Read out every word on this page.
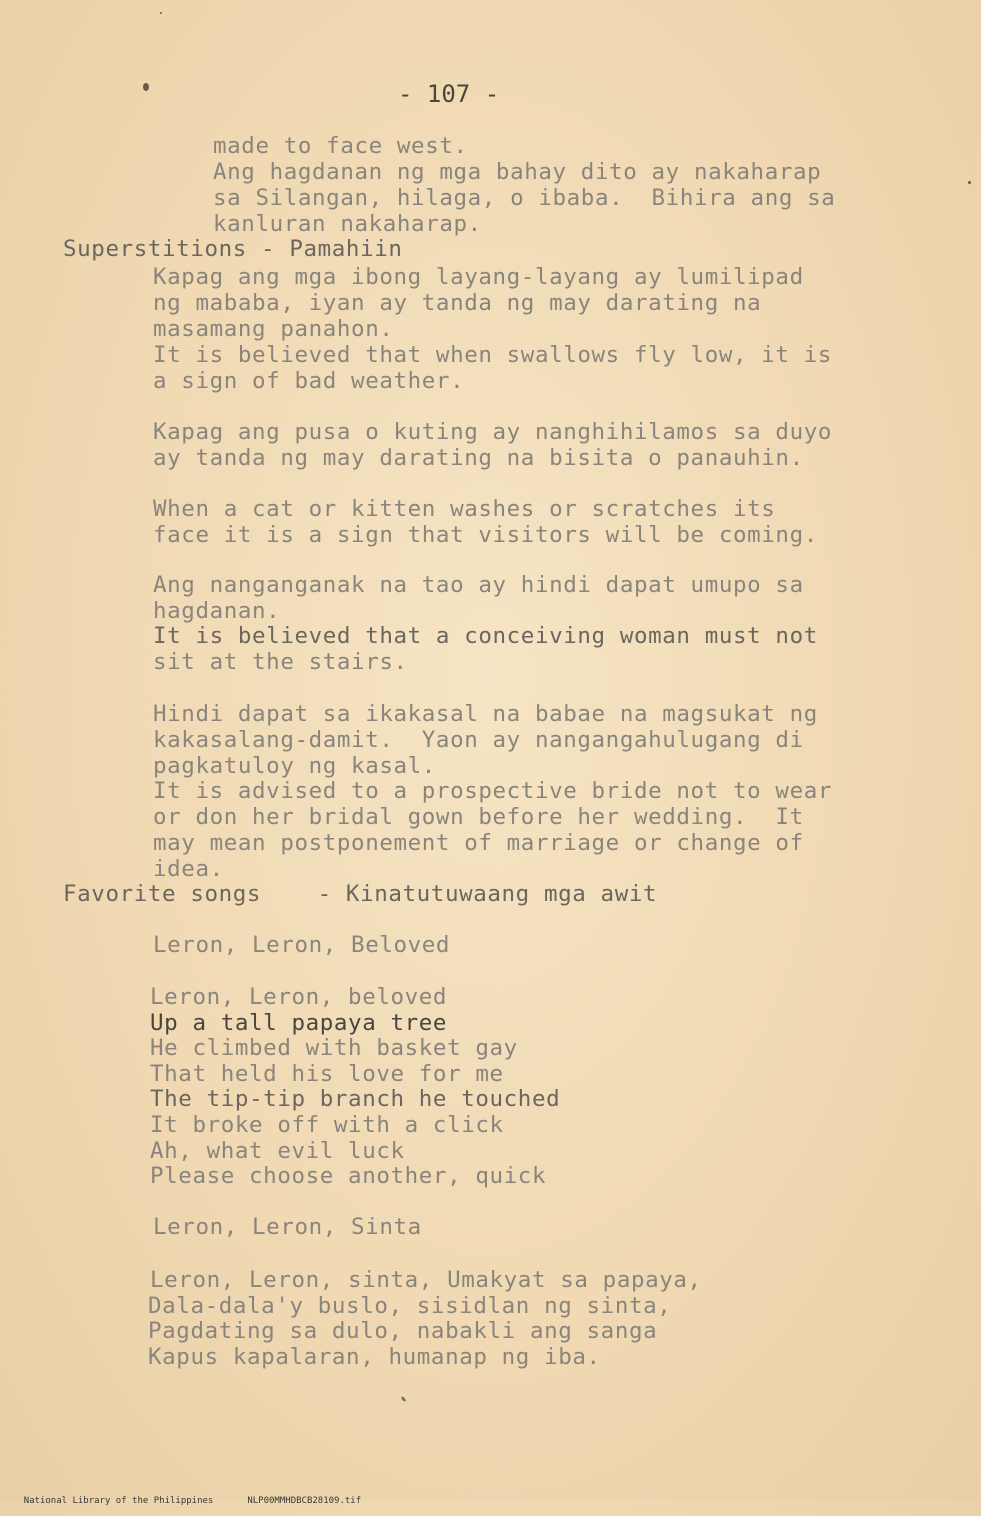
- 107 -
made to face west.
Ang hagdanan ng mga bahay dito ay nakaharap
sa Silangan, hilaga, o ibaba.  Bihira ang sa
kanluran nakaharap.
Superstitions - Pamahiin
Kapag ang mga ibong layang-layang ay lumilipad
ng mababa, iyan ay tanda ng may darating na
masamang panahon.
It is believed that when swallows fly low, it is
a sign of bad weather.
Kapag ang pusa o kuting ay nanghihilamos sa duyo
ay tanda ng may darating na bisita o panauhin.
When a cat or kitten washes or scratches its
face it is a sign that visitors will be coming.
Ang nanganganak na tao ay hindi dapat umupo sa
hagdanan.
It is believed that a conceiving woman must not
sit at the stairs.
Hindi dapat sa ikakasal na babae na magsukat ng
kakasalang-damit.  Yaon ay nangangahulugang di
pagkatuloy ng kasal.
It is advised to a prospective bride not to wear
or don her bridal gown before her wedding.  It
may mean postponement of marriage or change of
idea.
Favorite songs    - Kinatutuwaang mga awit
Leron, Leron, Beloved
Leron, Leron, beloved
Up a tall papaya tree
He climbed with basket gay
That held his love for me
The tip-tip branch he touched
It broke off with a click
Ah, what evil luck
Please choose another, quick
Leron, Leron, Sinta
Leron, Leron, sinta, Umakyat sa papaya,
Dala-dala'y buslo, sisidlan ng sinta,
Pagdating sa dulo, nabakli ang sanga
Kapus kapalaran, humanap ng iba.

National Library of the Philippines	NLP00MMHDBCB28109.tif
